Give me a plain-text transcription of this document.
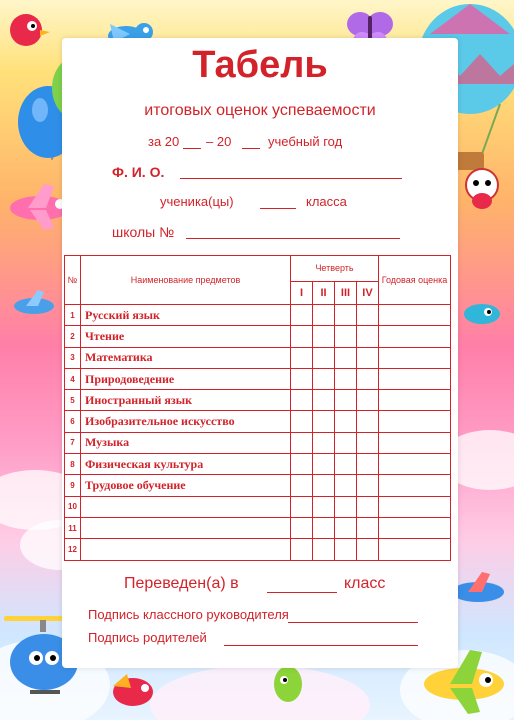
Табель
итоговых оценок успеваемости
за 20 – 20	учебный год
Ф. И. О.
ученика(цы)	класса
школы №
№	Наименование предметов	Четверть				Годовая оценка
		I	II	III	IV	
1	Русский язык					
2	Чтение					
3	Математика					
4	Природоведение					
5	Иностранный язык					
6	Изобразительное искусство					
7	Музыка					
8	Физическая культура					
9	Трудовое обучение					
10						
11						
12						
Переведен(а) в	класс
Подпись классного руководителя
Подпись родителей
